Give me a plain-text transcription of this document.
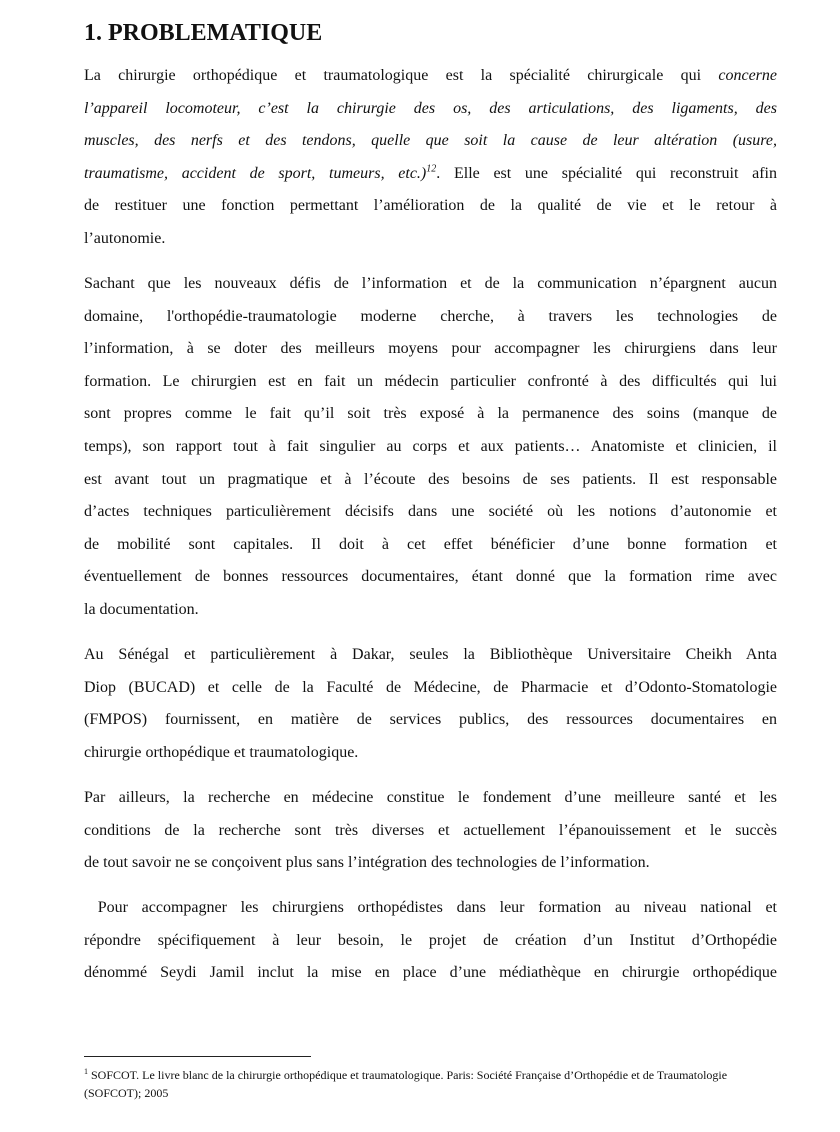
1. PROBLEMATIQUE

La chirurgie orthopédique et traumatologique est la spécialité chirurgicale qui concerne
l’appareil locomoteur, c’est la chirurgie des os, des articulations, des ligaments, des
muscles, des nerfs et des tendons, quelle que soit la cause de leur altération (usure,
traumatisme, accident de sport, tumeurs, etc.)$^{12}$. Elle est une spécialité qui reconstruit afin
de restituer une fonction permettant l’amélioration de la qualité de vie et le retour à
l’autonomie.

Sachant que les nouveaux défis de l’information et de la communication n’épargnent aucun
domaine, l'orthopédie-traumatologie moderne cherche, à travers les technologies de
l’information, à se doter des meilleurs moyens pour accompagner les chirurgiens dans leur
formation. Le chirurgien est en fait un médecin particulier confronté à des difficultés qui lui
sont propres comme le fait qu’il soit très exposé à la permanence des soins (manque de
temps), son rapport tout à fait singulier au corps et aux patients… Anatomiste et clinicien, il
est avant tout un pragmatique et à l’écoute des besoins de ses patients. Il est responsable
d’actes techniques particulièrement décisifs dans une société où les notions d’autonomie et
de mobilité sont capitales. Il doit à cet effet bénéficier d’une bonne formation et
éventuellement de bonnes ressources documentaires, étant donné que la formation rime avec
la documentation.

Au Sénégal et particulièrement à Dakar, seules la Bibliothèque Universitaire Cheikh Anta
Diop (BUCAD) et celle de la Faculté de Médecine, de Pharmacie et d’Odonto-Stomatologie
(FMPOS) fournissent, en matière de services publics, des ressources documentaires en
chirurgie orthopédique et traumatologique.

Par ailleurs, la recherche en médecine constitue le fondement d’une meilleure santé et les
conditions de la recherche sont très diverses et actuellement l’épanouissement et le succès
de tout savoir ne se conçoivent plus sans l’intégration des technologies de l’information.

Pour accompagner les chirurgiens orthopédistes dans leur formation au niveau national et
répondre spécifiquement à leur besoin, le projet de création d’un Institut d’Orthopédie
dénommé Seydi Jamil inclut la mise en place d’une médiathèque en chirurgie orthopédique

$^1$ SOFCOT. Le livre blanc de la chirurgie orthopédique et traumatologique. Paris: Société Française d’Orthopédie et de Traumatologie (SOFCOT); 2005
